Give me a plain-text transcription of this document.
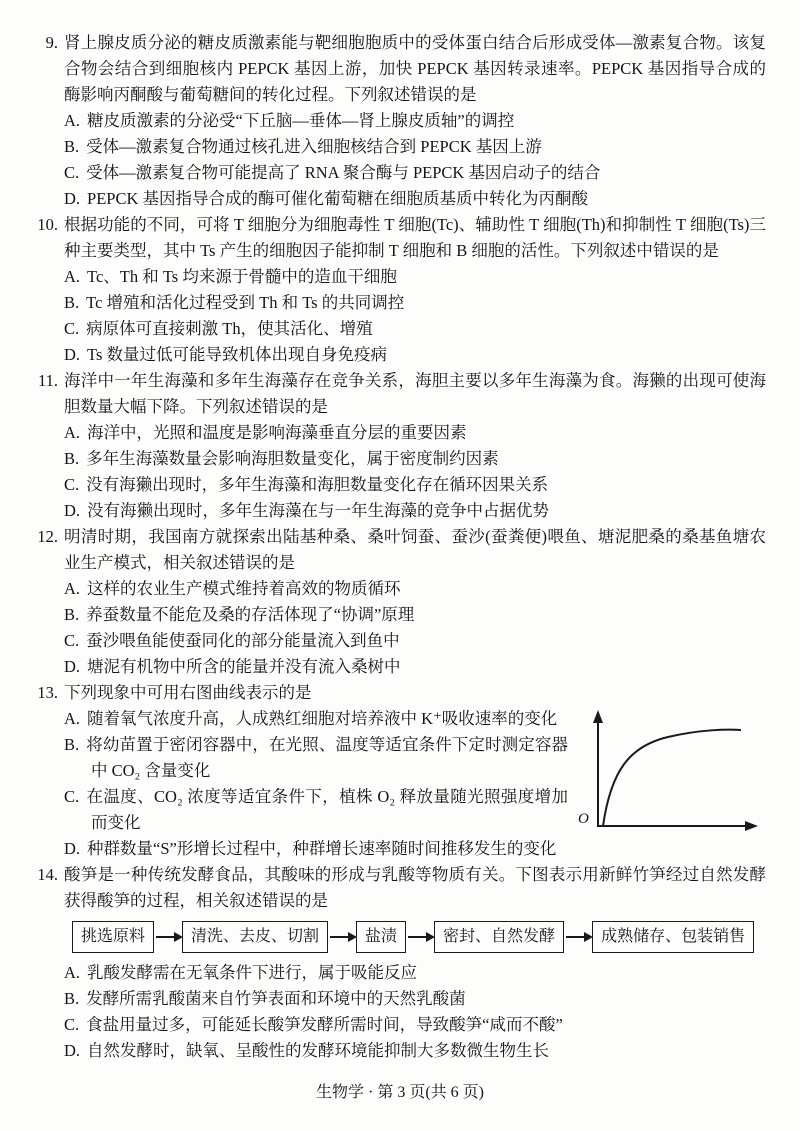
9. 肾上腺皮质分泌的糖皮质激素能与靶细胞胞质中的受体蛋白结合后形成受体—激素复合物。该复合物会结合到细胞核内 PEPCK 基因上游，加快 PEPCK 基因转录速率。PEPCK 基因指导合成的酶影响丙酮酸与葡萄糖间的转化过程。下列叙述错误的是
A. 糖皮质激素的分泌受“下丘脑—垂体—肾上腺皮质轴”的调控
B. 受体—激素复合物通过核孔进入细胞核结合到 PEPCK 基因上游
C. 受体—激素复合物可能提高了 RNA 聚合酶与 PEPCK 基因启动子的结合
D. PEPCK 基因指导合成的酶可催化葡萄糖在细胞质基质中转化为丙酮酸
10. 根据功能的不同，可将 T 细胞分为细胞毒性 T 细胞(Tc)、辅助性 T 细胞(Th)和抑制性 T 细胞(Ts)三种主要类型，其中 Ts 产生的细胞因子能抑制 T 细胞和 B 细胞的活性。下列叙述中错误的是
A. Tc、Th 和 Ts 均来源于骨髓中的造血干细胞
B. Tc 增殖和活化过程受到 Th 和 Ts 的共同调控
C. 病原体可直接刺激 Th，使其活化、增殖
D. Ts 数量过低可能导致机体出现自身免疫病
11. 海洋中一年生海藻和多年生海藻存在竞争关系，海胆主要以多年生海藻为食。海獭的出现可使海胆数量大幅下降。下列叙述错误的是
A. 海洋中，光照和温度是影响海藻垂直分层的重要因素
B. 多年生海藻数量会影响海胆数量变化，属于密度制约因素
C. 没有海獭出现时，多年生海藻和海胆数量变化存在循环因果关系
D. 没有海獭出现时，多年生海藻在与一年生海藻的竞争中占据优势
12. 明清时期，我国南方就探索出陆基种桑、桑叶饲蚕、蚕沙(蚕粪便)喂鱼、塘泥肥桑的桑基鱼塘农业生产模式，相关叙述错误的是
A. 这样的农业生产模式维持着高效的物质循环
B. 养蚕数量不能危及桑的存活体现了“协调”原理
C. 蚕沙喂鱼能使蚕同化的部分能量流入到鱼中
D. 塘泥有机物中所含的能量并没有流入桑树中
13. 下列现象中可用右图曲线表示的是
O
A. 随着氧气浓度升高，人成熟红细胞对培养液中 K⁺吸收速率的变化
B. 将幼苗置于密闭容器中，在光照、温度等适宜条件下定时测定容器中 CO₂ 含量变化
C. 在温度、CO₂ 浓度等适宜条件下，植株 O₂ 释放量随光照强度增加而变化
D. 种群数量“S”形增长过程中，种群增长速率随时间推移发生的变化
14. 酸笋是一种传统发酵食品，其酸味的形成与乳酸等物质有关。下图表示用新鲜竹笋经过自然发酵获得酸笋的过程，相关叙述错误的是
挑选原料	清洗、去皮、切割	盐渍	密封、自然发酵	成熟储存、包装销售
A. 乳酸发酵需在无氧条件下进行，属于吸能反应
B. 发酵所需乳酸菌来自竹笋表面和环境中的天然乳酸菌
C. 食盐用量过多，可能延长酸笋发酵所需时间，导致酸笋“咸而不酸”
D. 自然发酵时，缺氧、呈酸性的发酵环境能抑制大多数微生物生长
生物学 · 第 3 页(共 6 页)
